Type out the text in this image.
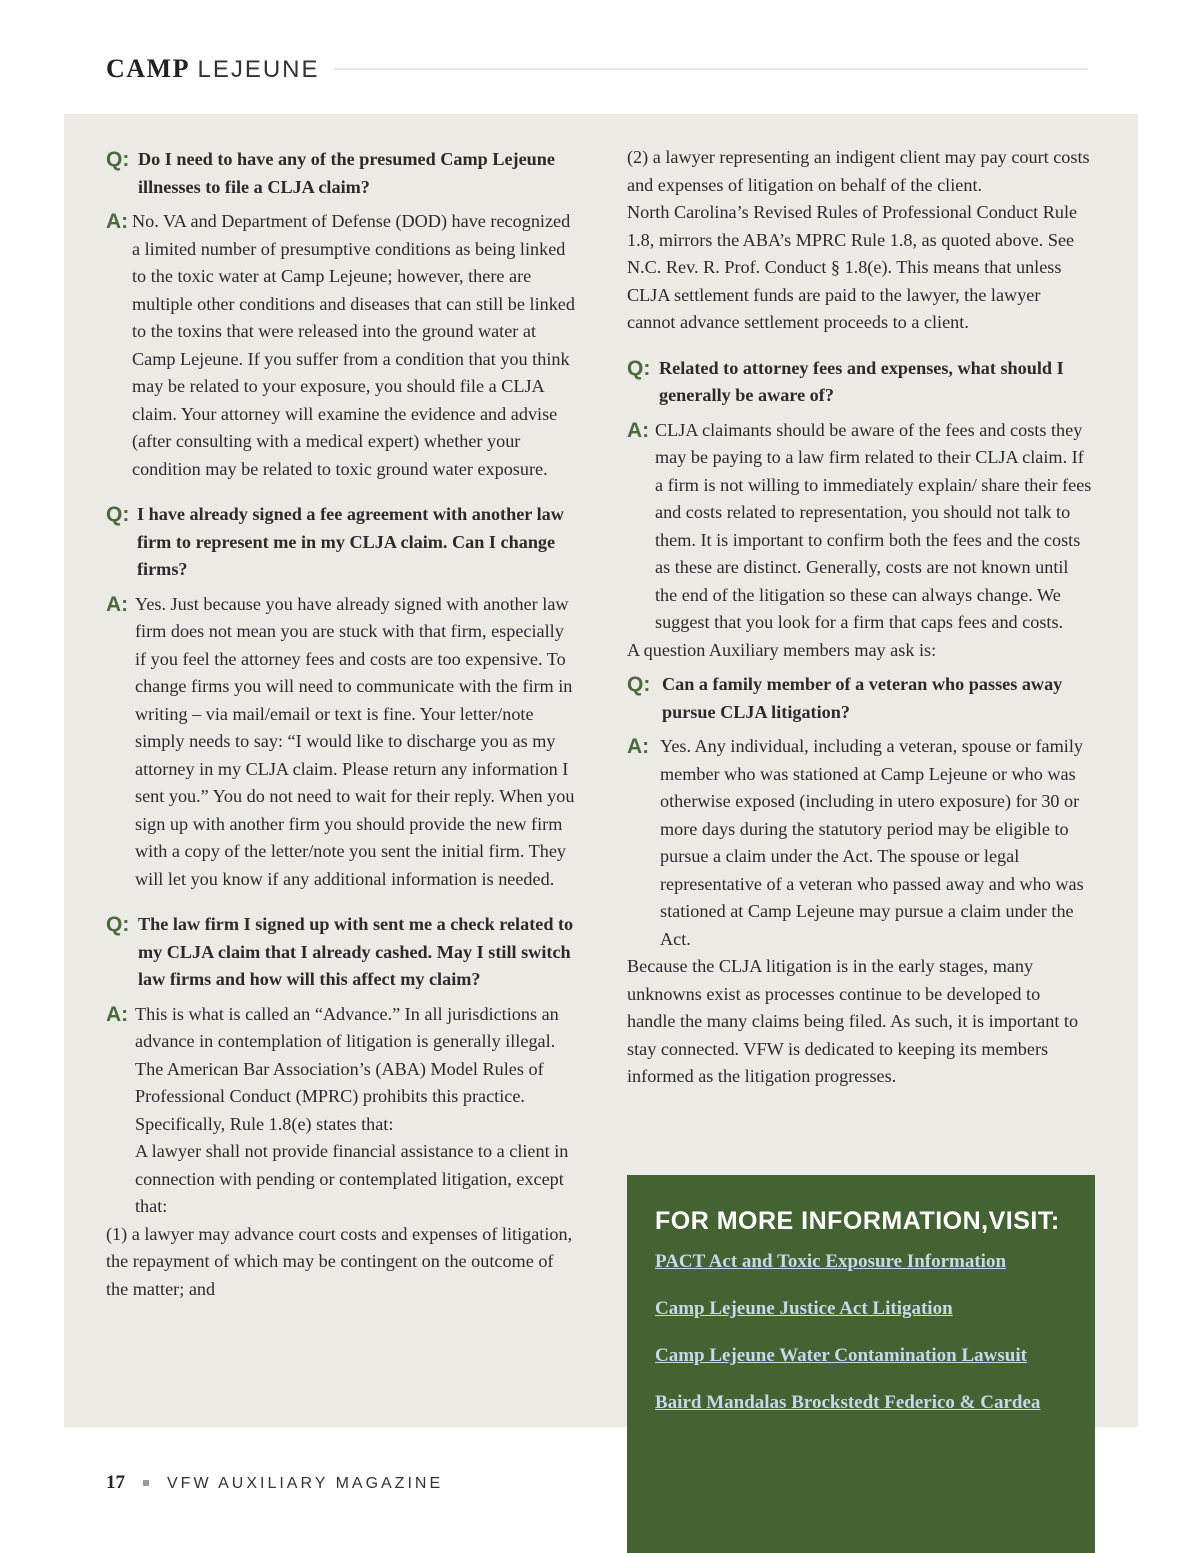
CAMP LEJEUNE
Q: Do I need to have any of the presumed Camp Lejeune illnesses to file a CLJA claim?
A: No. VA and Department of Defense (DOD) have recognized a limited number of presumptive conditions as being linked to the toxic water at Camp Lejeune; however, there are multiple other conditions and diseases that can still be linked to the toxins that were released into the ground water at Camp Lejeune. If you suffer from a condition that you think may be related to your exposure, you should file a CLJA claim. Your attorney will examine the evidence and advise (after consulting with a medical expert) whether your condition may be related to toxic ground water exposure.
Q: I have already signed a fee agreement with another law firm to represent me in my CLJA claim. Can I change firms?
A: Yes. Just because you have already signed with another law firm does not mean you are stuck with that firm, especially if you feel the attorney fees and costs are too expensive. To change firms you will need to communicate with the firm in writing – via mail/email or text is fine. Your letter/note simply needs to say: “I would like to discharge you as my attorney in my CLJA claim. Please return any information I sent you.” You do not need to wait for their reply. When you sign up with another firm you should provide the new firm with a copy of the letter/note you sent the initial firm. They will let you know if any additional information is needed.
Q: The law firm I signed up with sent me a check related to my CLJA claim that I already cashed. May I still switch law firms and how will this affect my claim?
A: This is what is called an “Advance.” In all jurisdictions an advance in contemplation of litigation is generally illegal. The American Bar Association’s (ABA) Model Rules of Professional Conduct (MPRC) prohibits this practice. Specifically, Rule 1.8(e) states that:

A lawyer shall not provide financial assistance to a client in connection with pending or contemplated litigation, except that:

(1) a lawyer may advance court costs and expenses of litigation, the repayment of which may be contingent on the outcome of the matter; and

(2) a lawyer representing an indigent client may pay court costs and expenses of litigation on behalf of the client.

North Carolina’s Revised Rules of Professional Conduct Rule 1.8, mirrors the ABA’s MPRC Rule 1.8, as quoted above. See N.C. Rev. R. Prof. Conduct § 1.8(e). This means that unless CLJA settlement funds are paid to the lawyer, the lawyer cannot advance settlement proceeds to a client.

Q: Related to attorney fees and expenses, what should I generally be aware of?
A: CLJA claimants should be aware of the fees and costs they may be paying to a law firm related to their CLJA claim. If a firm is not willing to immediately explain/ share their fees and costs related to representation, you should not talk to them. It is important to confirm both the fees and the costs as these are distinct. Generally, costs are not known until the end of the litigation so these can always change. We suggest that you look for a firm that caps fees and costs.

A question Auxiliary members may ask is:

Q: Can a family member of a veteran who passes away pursue CLJA litigation?
A: Yes. Any individual, including a veteran, spouse or family member who was stationed at Camp Lejeune or who was otherwise exposed (including in utero exposure) for 30 or more days during the statutory period may be eligible to pursue a claim under the Act. The spouse or legal representative of a veteran who passed away and who was stationed at Camp Lejeune may pursue a claim under the Act.

Because the CLJA litigation is in the early stages, many unknowns exist as processes continue to be developed to handle the many claims being filed. As such, it is important to stay connected. VFW is dedicated to keeping its members informed as the litigation progresses.

FOR MORE INFORMATION,VISIT:
PACT Act and Toxic Exposure Information
Camp Lejeune Justice Act Litigation
Camp Lejeune Water Contamination Lawsuit
Baird Mandalas Brockstedt Federico & Cardea
17	VFW AUXILIARY MAGAZINE
